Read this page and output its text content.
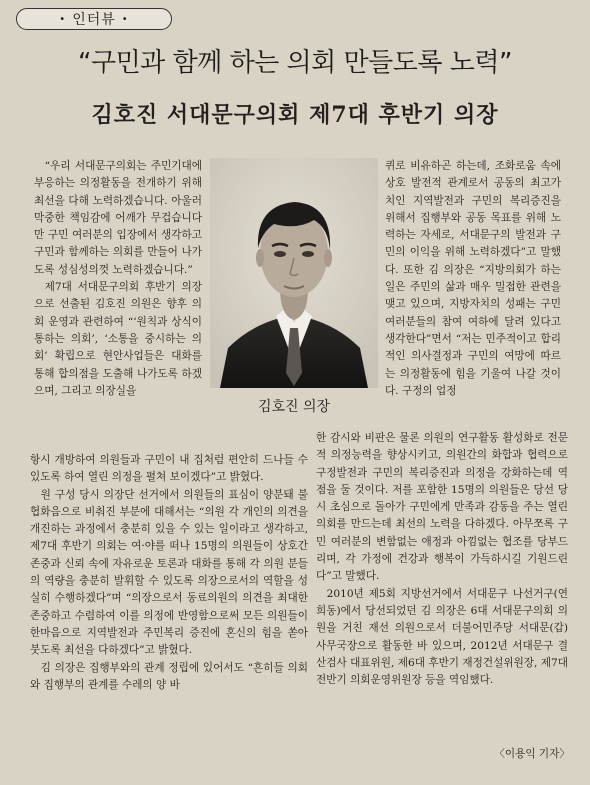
• 인터뷰 •
“구민과 함께 하는 의회 만들도록 노력”
김호진 서대문구의회 제7대 후반기 의장

“우리 서대문구의회는 주민기대에 부응하는 의정활동을 전개하기 위해 최선을 다해 노력하겠습니다. 아울러 막중한 책임감에 어깨가 무겁습니다만 구민 여러분의 입장에서 생각하고 구민과 함께하는 의회를 만들어 나가도록 성심성의껏 노력하겠습니다.”

제7대 서대문구의회 후반기 의장으로 선출된 김호진 의원은 향후 의회 운영과 관련하여 “‘원칙과 상식이 통하는 의회’, ‘소통을 중시하는 의회’ 확립으로 현안사업들은 대화를 통해 합의점을 도출해 나가도록 하겠으며, 그리고 의장실을

김호진 의장

퀴로 비유하곤 하는데, 조화로움 속에 상호 발전적 관계로서 공동의 최고가치인 지역발전과 구민의 복리증진을 위해서 집행부와 공동 목표를 위해 노력하는 자세로, 서대문구의 발전과 구민의 이익을 위해 노력하겠다”고 말했다. 또한 김 의장은 “지방의회가 하는 일은 주민의 삶과 매우 밀접한 관련을 맺고 있으며, 지방자치의 성패는 구민 여러분들의 참여 여하에 달려 있다고 생각한다”면서 “저는 민주적이고 합리적인 의사결정과 구민의 여망에 따르는 의정활동에 힘을 기울여 나갈 것이다. 구정의 업정

항시 개방하여 의원들과 구민이 내 집처럼 편안히 드나들 수 있도록 하여 열린 의정을 펼쳐 보이겠다”고 밝혔다.

원 구성 당시 의장단 선거에서 의원들의 표심이 양분돼 불협화음으로 비춰진 부분에 대해서는 “의원 각 개인의 의견을 개진하는 과정에서 충분히 있을 수 있는 일이라고 생각하고, 제7대 후반기 의회는 여·야를 떠나 15명의 의원들이 상호간 존중과 신뢰 속에 자유로운 토론과 대화를 통해 각 의원 분들의 역량을 충분히 발휘할 수 있도록 의장으로서의 역할을 성실히 수행하겠다”며 “의장으로서 동료의원의 의견을 최대한 존중하고 수렴하여 이를 의정에 반영함으로써 모든 의원들이 한마음으로 지역발전과 주민복리 증진에 혼신의 힘을 쏟아 붓도록 최선을 다하겠다”고 밝혔다.

김 의장은 집행부와의 관계 정립에 있어서도 “흔히들 의회와 집행부의 관계를 수레의 양 바

한 감시와 비판은 물론 의원의 연구활동 활성화로 전문적 의정능력을 향상시키고, 의원간의 화합과 협력으로 구정발전과 구민의 복리증진과 의정을 강화하는데 역점을 둘 것이다. 저를 포함한 15명의 의원들은 당선 당시 초심으로 돌아가 구민에게 만족과 감동을 주는 열린의회를 만드는데 최선의 노력을 다하겠다. 아무쪼록 구민 여러분의 변함없는 애정과 아낌없는 협조를 당부드리며, 각 가정에 건강과 행복이 가득하시길 기원드린다”고 말했다.

2010년 제5회 지방선거에서 서대문구 나선거구(연희동)에서 당선되었던 김 의장은 6대 서대문구의회 의원을 거친 재선 의원으로서 더불어민주당 서대문(갑) 사무국장으로 활동한 바 있으며, 2012년 서대문구 결산검사 대표위원, 제6대 후반기 재정건설위원장, 제7대 전반기 의회운영위원장 등을 역임했다.

〈이용익 기자〉
